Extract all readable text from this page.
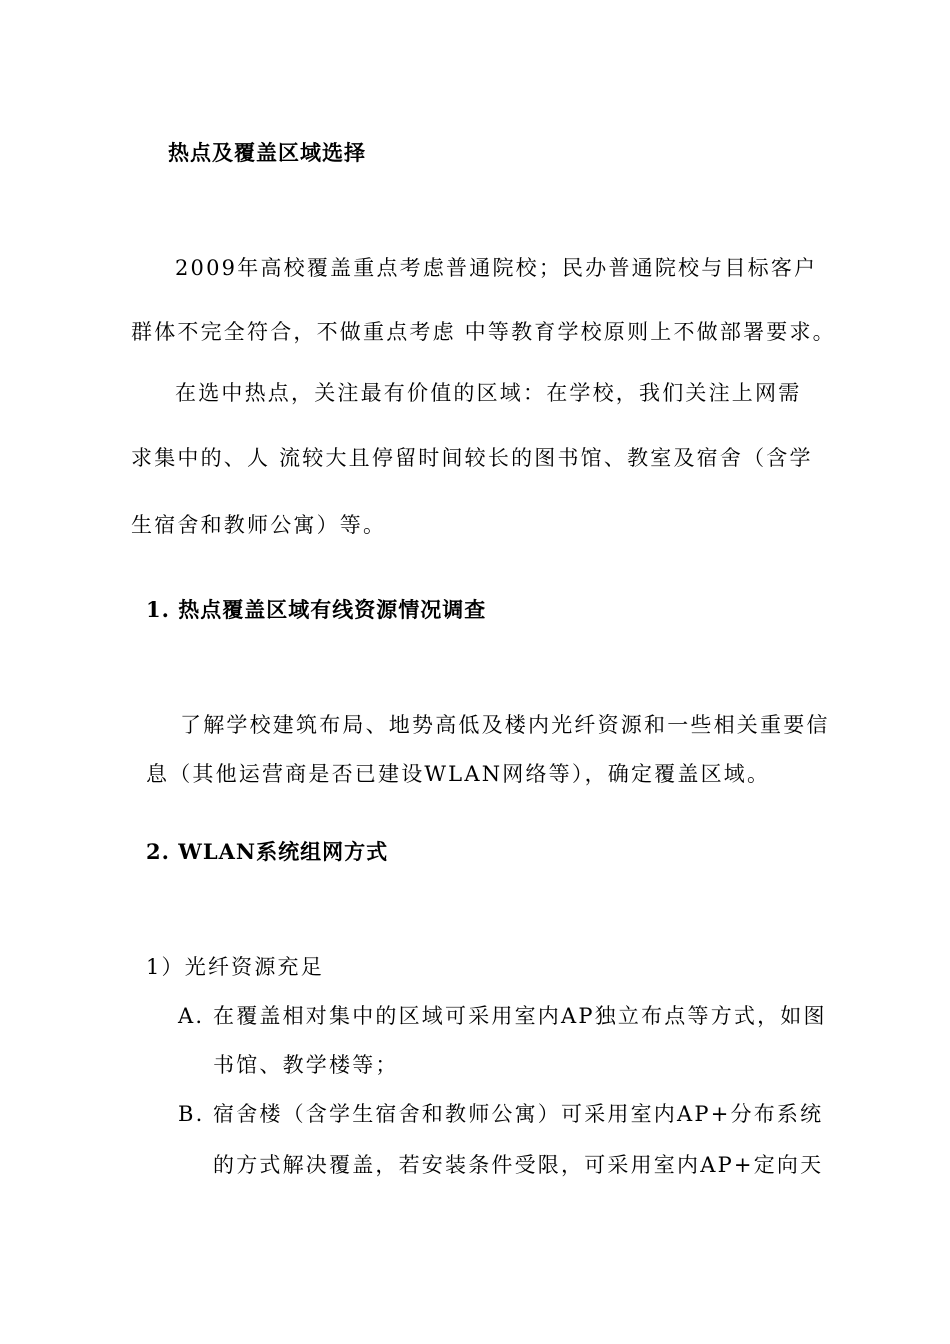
热点及覆盖区域选择
2009年高校覆盖重点考虑普通院校；民办普通院校与目标客户
群体不完全符合，不做重点考虑 中等教育学校原则上不做部署要求。
在选中热点，关注最有价值的区域：在学校，我们关注上网需
求集中的、人 流较大且停留时间较长的图书馆、教室及宿舍（含学
生宿舍和教师公寓）等。
1. 热点覆盖区域有线资源情况调查
了解学校建筑布局、地势高低及楼内光纤资源和一些相关重要信
息（其他运营商是否已建设WLAN网络等），确定覆盖区域。
2. WLAN系统组网方式
1）光纤资源充足
A. 在覆盖相对集中的区域可采用室内AP独立布点等方式，如图
书馆、教学楼等；
B. 宿舍楼（含学生宿舍和教师公寓）可采用室内AP+分布系统
的方式解决覆盖，若安装条件受限，可采用室内AP+定向天
